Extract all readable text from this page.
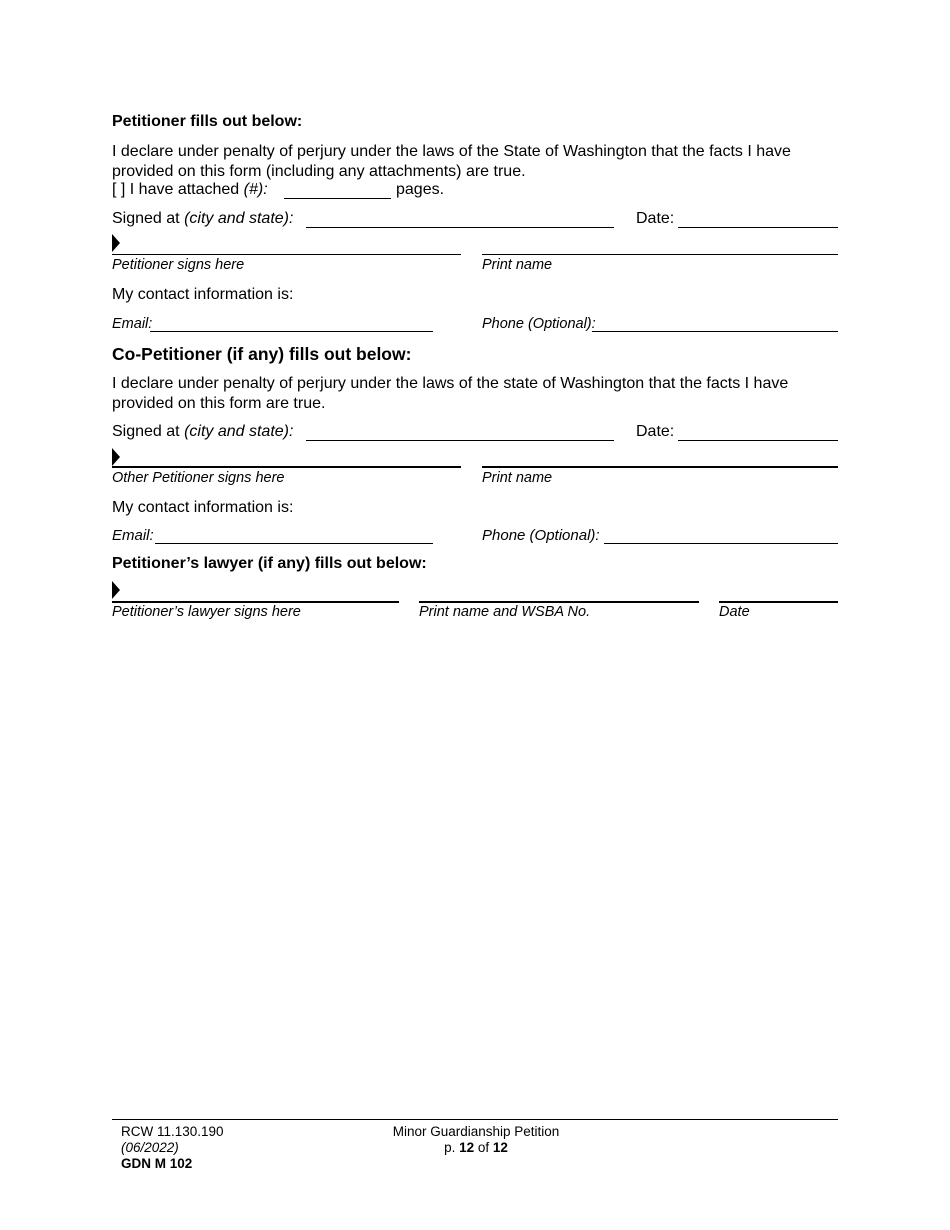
Petitioner fills out below:
I declare under penalty of perjury under the laws of the State of Washington that the facts I have provided on this form (including any attachments) are true.
[ ] I have attached (#):	pages.
Signed at (city and state):	Date:
Petitioner signs here	Print name
My contact information is:
Email:	Phone (Optional):
Co-Petitioner (if any) fills out below:
I declare under penalty of perjury under the laws of the state of Washington that the facts I have provided on this form are true.
Signed at (city and state):	Date:
Other Petitioner signs here	Print name
My contact information is:
Email:	Phone (Optional):
Petitioner’s lawyer (if any) fills out below:
Petitioner’s lawyer signs here	Print name and WSBA No.	Date
RCW 11.130.190
(06/2022)
GDN M 102
Minor Guardianship Petition
p. 12 of 12
